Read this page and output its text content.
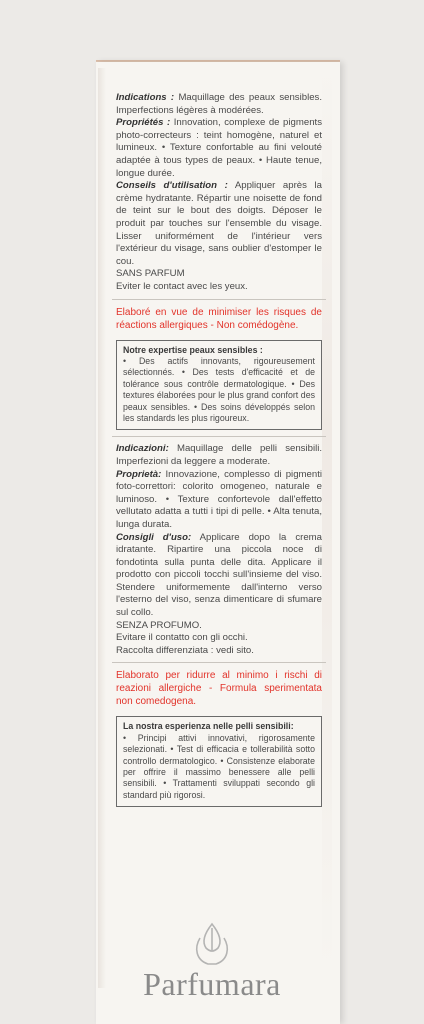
Indications : Maquillage des peaux sensibles. Imperfections légères à modérées.

Propriétés : Innovation, complexe de pigments photo-correcteurs : teint homogène, naturel et lumineux. • Texture confortable au fini velouté adaptée à tous types de peaux. • Haute tenue, longue durée.

Conseils d'utilisation : Appliquer après la crème hydratante. Répartir une noisette de fond de teint sur le bout des doigts. Déposer le produit par touches sur l'ensemble du visage. Lisser uniformément de l'intérieur vers l'extérieur du visage, sans oublier d'estomper le cou.

SANS PARFUM

Eviter le contact avec les yeux.

Elaboré en vue de minimiser les risques de réactions allergiques - Non comédogène.

Notre expertise peaux sensibles :

• Des actifs innovants, rigoureusement sélectionnés. • Des tests d'efficacité et de tolérance sous contrôle dermatologique. • Des textures élaborées pour le plus grand confort des peaux sensibles. • Des soins développés selon les standards les plus rigoureux.

Indicazioni: Maquillage delle pelli sensibili. Imperfezioni da leggere a moderate.

Proprietà: Innovazione, complesso di pigmenti foto-correttori: colorito omogeneo, naturale e luminoso. • Texture confortevole dall'effetto vellutato adatta a tutti i tipi di pelle. • Alta tenuta, lunga durata.

Consigli d'uso: Applicare dopo la crema idratante. Ripartire una piccola noce di fondotinta sulla punta delle dita. Applicare il prodotto con piccoli tocchi sull'insieme del viso. Stendere uniformemente dall'interno verso l'esterno del viso, senza dimenticare di sfumare sul collo.

SENZA PROFUMO.

Evitare il contatto con gli occhi.

Raccolta differenziata : vedi sito.

Elaborato per ridurre al minimo i rischi di reazioni allergiche - Formula sperimentata non comedogena.

La nostra esperienza nelle pelli sensibili:

• Principi attivi innovativi, rigorosamente selezionati. • Test di efficacia e tollerabilità sotto controllo dermatologico. • Consistenze elaborate per offrire il massimo benessere alle pelli sensibili. • Trattamenti sviluppati secondo gli standard più rigorosi.

Parfumara
